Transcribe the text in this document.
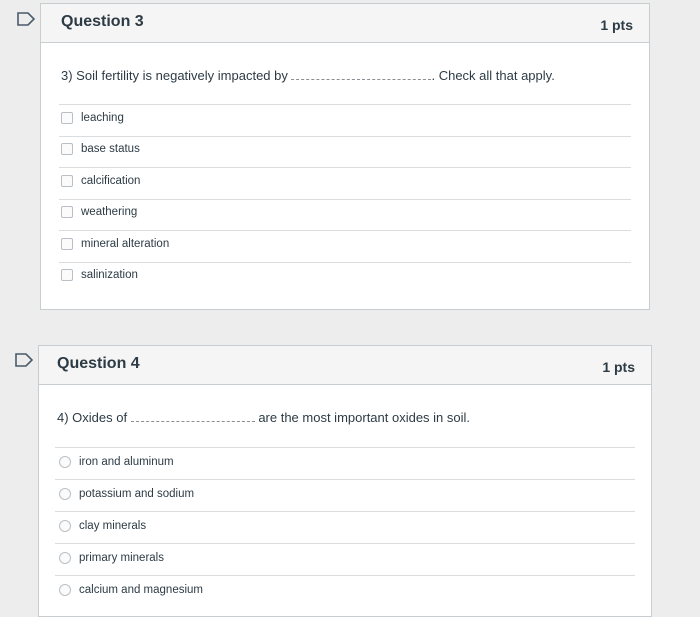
Question 3	1 pts
3) Soil fertility is negatively impacted by	. Check all that apply.
leaching
base status
calcification
weathering
mineral alteration
salinization
Question 4	1 pts
4) Oxides of	are the most important oxides in soil.
iron and aluminum
potassium and sodium
clay minerals
primary minerals
calcium and magnesium
